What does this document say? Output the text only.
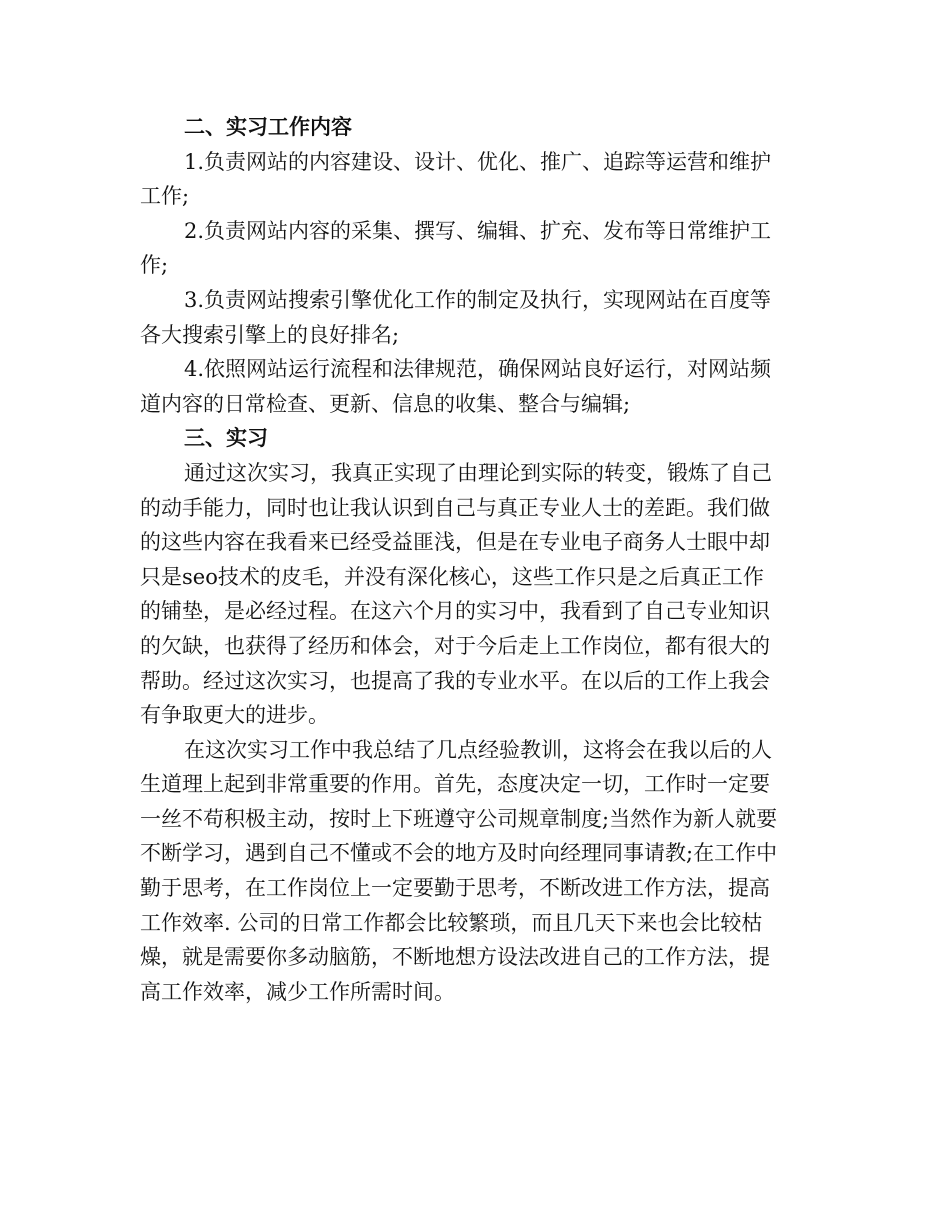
二、实习工作内容
1.负责网站的内容建设、设计、优化、推广、追踪等运营和维护
工作;
2.负责网站内容的采集、撰写、编辑、扩充、发布等日常维护工
作;
3.负责网站搜索引擎优化工作的制定及执行，实现网站在百度等
各大搜索引擎上的良好排名;
4.依照网站运行流程和法律规范，确保网站良好运行，对网站频
道内容的日常检查、更新、信息的收集、整合与编辑;
三、实习
通过这次实习，我真正实现了由理论到实际的转变，锻炼了自己
的动手能力，同时也让我认识到自己与真正专业人士的差距。我们做
的这些内容在我看来已经受益匪浅，但是在专业电子商务人士眼中却
只是seo技术的皮毛，并没有深化核心，这些工作只是之后真正工作
的铺垫，是必经过程。在这六个月的实习中，我看到了自己专业知识
的欠缺，也获得了经历和体会，对于今后走上工作岗位，都有很大的
帮助。经过这次实习，也提高了我的专业水平。在以后的工作上我会
有争取更大的进步。
在这次实习工作中我总结了几点经验教训，这将会在我以后的人
生道理上起到非常重要的作用。首先，态度决定一切，工作时一定要
一丝不苟积极主动，按时上下班遵守公司规章制度;当然作为新人就要
不断学习，遇到自己不懂或不会的地方及时向经理同事请教;在工作中
勤于思考，在工作岗位上一定要勤于思考，不断改进工作方法，提高
工作效率. 公司的日常工作都会比较繁琐，而且几天下来也会比较枯
燥，就是需要你多动脑筋，不断地想方设法改进自己的工作方法，提
高工作效率，减少工作所需时间。
